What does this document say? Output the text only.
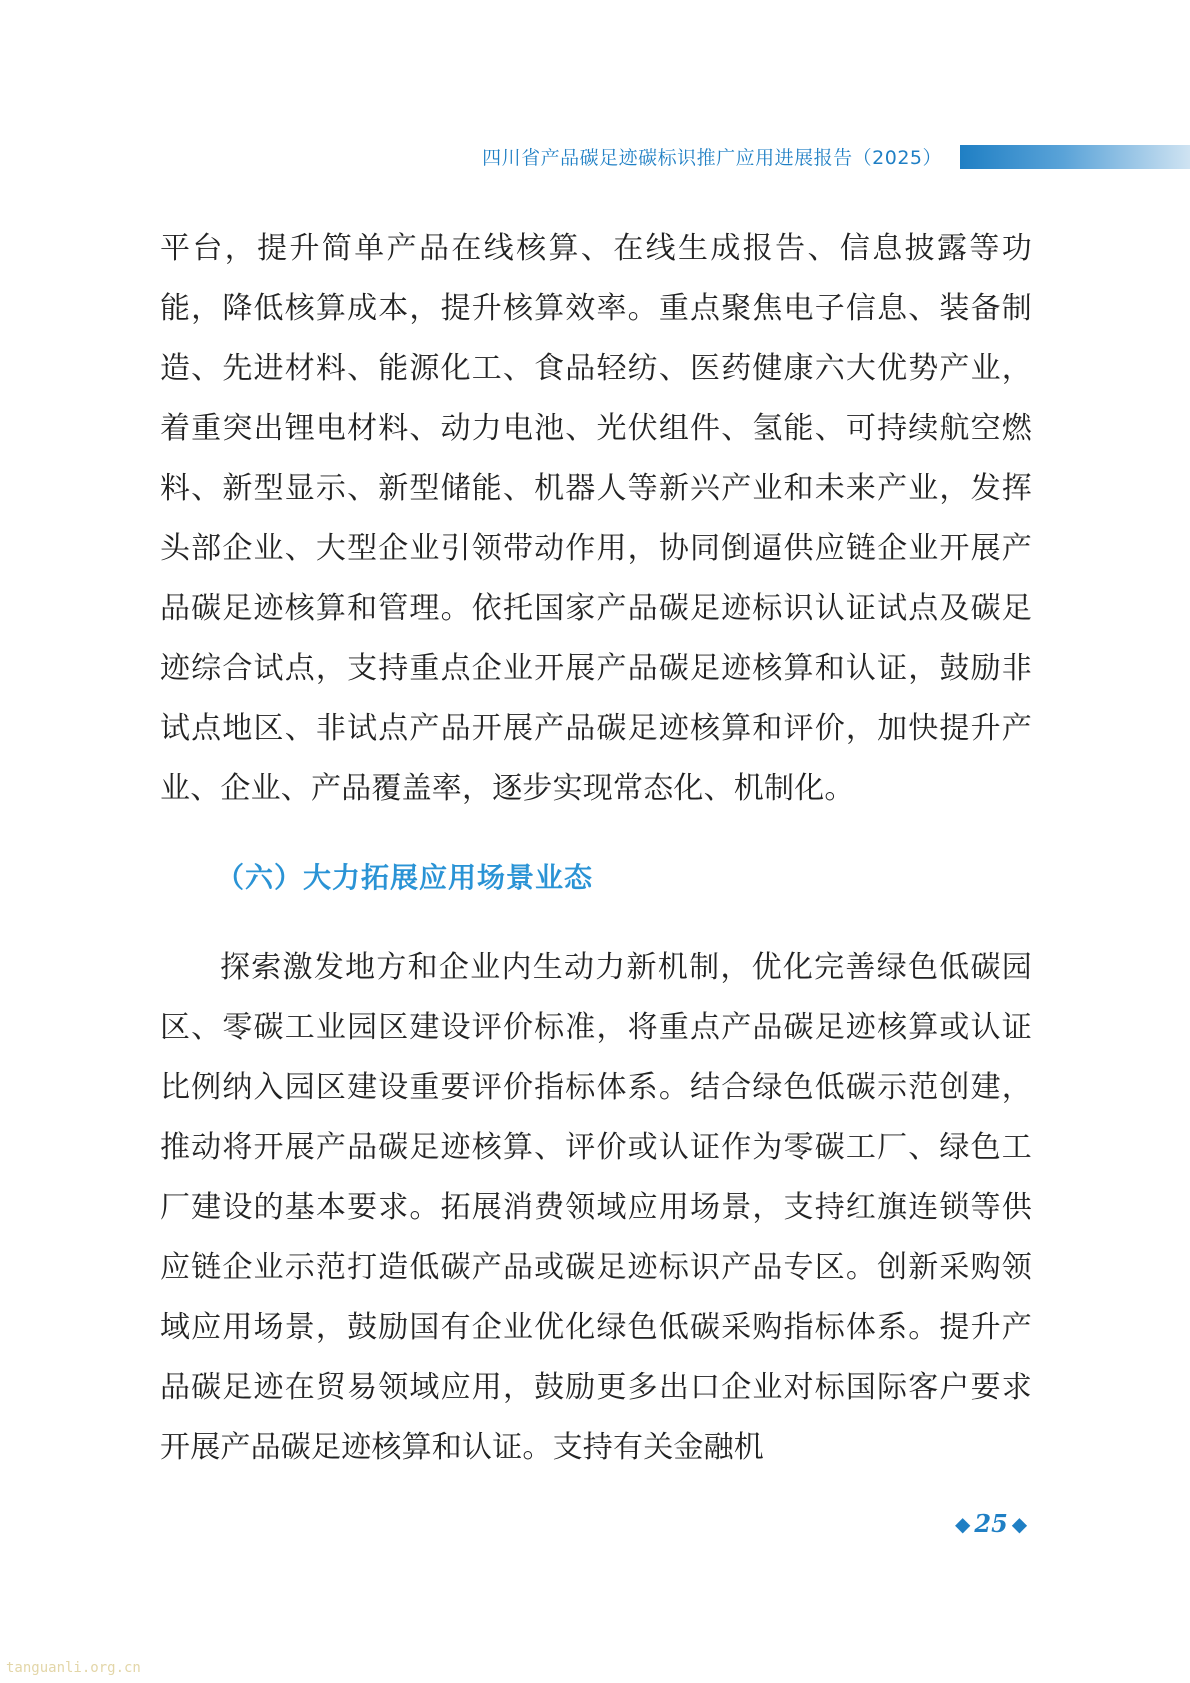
四川省产品碳足迹碳标识推广应用进展报告（2025）

平台，提升简单产品在线核算、在线生成报告、信息披露等功能，降低核算成本，提升核算效率。重点聚焦电子信息、装备制造、先进材料、能源化工、食品轻纺、医药健康六大优势产业，着重突出锂电材料、动力电池、光伏组件、氢能、可持续航空燃料、新型显示、新型储能、机器人等新兴产业和未来产业，发挥头部企业、大型企业引领带动作用，协同倒逼供应链企业开展产品碳足迹核算和管理。依托国家产品碳足迹标识认证试点及碳足迹综合试点，支持重点企业开展产品碳足迹核算和认证，鼓励非试点地区、非试点产品开展产品碳足迹核算和评价，加快提升产业、企业、产品覆盖率，逐步实现常态化、机制化。

（六）大力拓展应用场景业态

探索激发地方和企业内生动力新机制，优化完善绿色低碳园区、零碳工业园区建设评价标准，将重点产品碳足迹核算或认证比例纳入园区建设重要评价指标体系。结合绿色低碳示范创建，推动将开展产品碳足迹核算、评价或认证作为零碳工厂、绿色工厂建设的基本要求。拓展消费领域应用场景，支持红旗连锁等供应链企业示范打造低碳产品或碳足迹标识产品专区。创新采购领域应用场景，鼓励国有企业优化绿色低碳采购指标体系。提升产品碳足迹在贸易领域应用，鼓励更多出口企业对标国际客户要求开展产品碳足迹核算和认证。支持有关金融机

◆ 25 ◆
tanguanli.org.cn
